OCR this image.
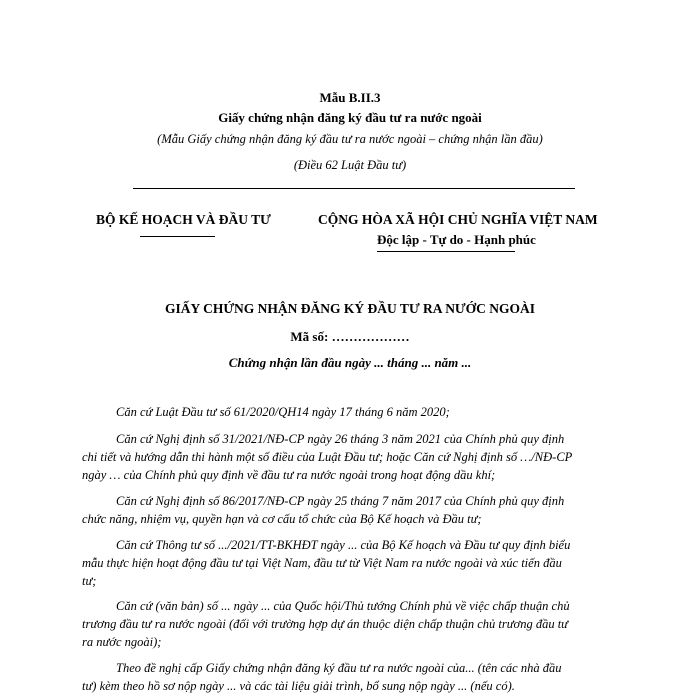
Mẫu B.II.3
Giấy chứng nhận đăng ký đầu tư ra nước ngoài
(Mẫu Giấy chứng nhận đăng ký đầu tư ra nước ngoài – chứng nhận lần đầu)
(Điều 62 Luật Đầu tư)
BỘ KẾ HOẠCH VÀ ĐẦU TƯ	CỘNG HÒA XÃ HỘI CHỦ NGHĨA VIỆT NAM
Độc lập - Tự do - Hạnh phúc
GIẤY CHỨNG NHẬN ĐĂNG KÝ ĐẦU TƯ RA NƯỚC NGOÀI
Mã số: ………………
Chứng nhận lần đầu ngày ... tháng ... năm ...
Căn cứ Luật Đầu tư số 61/2020/QH14 ngày 17 tháng 6 năm 2020;
Căn cứ Nghị định số 31/2021/NĐ-CP ngày 26 tháng 3 năm 2021 của Chính phủ quy định
chi tiết và hướng dẫn thi hành một số điều của Luật Đầu tư; hoặc Căn cứ Nghị định số …/NĐ-CP
ngày … của Chính phủ quy định về đầu tư ra nước ngoài trong hoạt động dầu khí;
Căn cứ Nghị định số 86/2017/NĐ-CP ngày 25 tháng 7 năm 2017 của Chính phủ quy định
chức năng, nhiệm vụ, quyền hạn và cơ cấu tổ chức của Bộ Kế hoạch và Đầu tư;
Căn cứ Thông tư số .../2021/TT-BKHĐT ngày ... của Bộ Kế hoạch và Đầu tư quy định biểu
mẫu thực hiện hoạt động đầu tư tại Việt Nam, đầu tư từ Việt Nam ra nước ngoài và xúc tiến đầu
tư;
Căn cứ (văn bản) số ... ngày ... của Quốc hội/Thủ tướng Chính phủ về việc chấp thuận chủ
trương đầu tư ra nước ngoài (đối với trường hợp dự án thuộc diện chấp thuận chủ trương đầu tư
ra nước ngoài);
Theo đề nghị cấp Giấy chứng nhận đăng ký đầu tư ra nước ngoài của... (tên các nhà đầu
tư) kèm theo hồ sơ nộp ngày ... và các tài liệu giải trình, bổ sung nộp ngày ... (nếu có).
